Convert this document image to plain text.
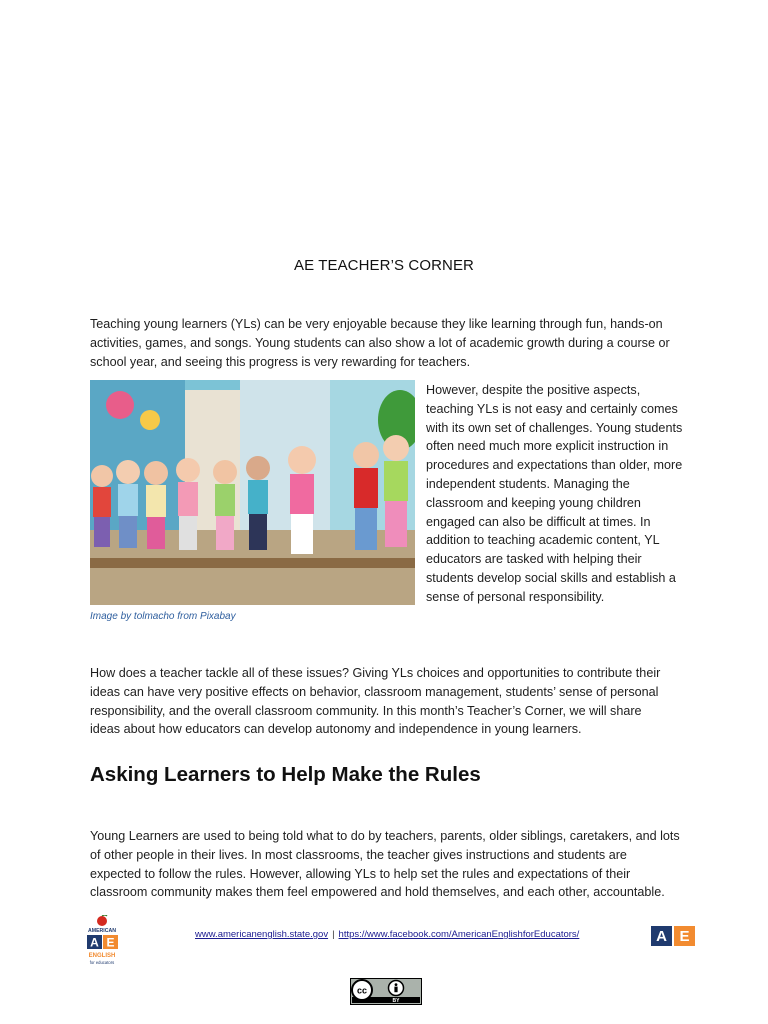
AE TEACHER’S CORNER

Teaching young learners (YLs) can be very enjoyable because they like learning through fun, hands-on activities, games, and songs. Young students can also show a lot of academic growth during a course or school year, and seeing this progress is very rewarding for teachers.

Image by tolmacho from Pixabay

However, despite the positive aspects, teaching YLs is not easy and certainly comes with its own set of challenges. Young students often need much more explicit instruction in procedures and expectations than older, more independent students. Managing the classroom and keeping young children engaged can also be difficult at times. In addition to teaching academic content, YL educators are tasked with helping their students develop social skills and establish a sense of personal responsibility.

How does a teacher tackle all of these issues? Giving YLs choices and opportunities to contribute their ideas can have very positive effects on behavior, classroom management, students’ sense of personal responsibility, and the overall classroom community. In this month’s Teacher’s Corner, we will share ideas about how educators can develop autonomy and independence in young learners.

Asking Learners to Help Make the Rules

Young Learners are used to being told what to do by teachers, parents, older siblings, caretakers, and lots of other people in their lives. In most classrooms, the teacher gives instructions and students are expected to follow the rules. However, allowing YLs to help set the rules and expectations of their classroom community makes them feel empowered and hold themselves, and each other, accountable.

AMERICAN
A E
ENGLISH
for educators
www.americanenglish.state.gov | https://www.facebook.com/AmericanEnglishforEducators/	A E
cc
BY
